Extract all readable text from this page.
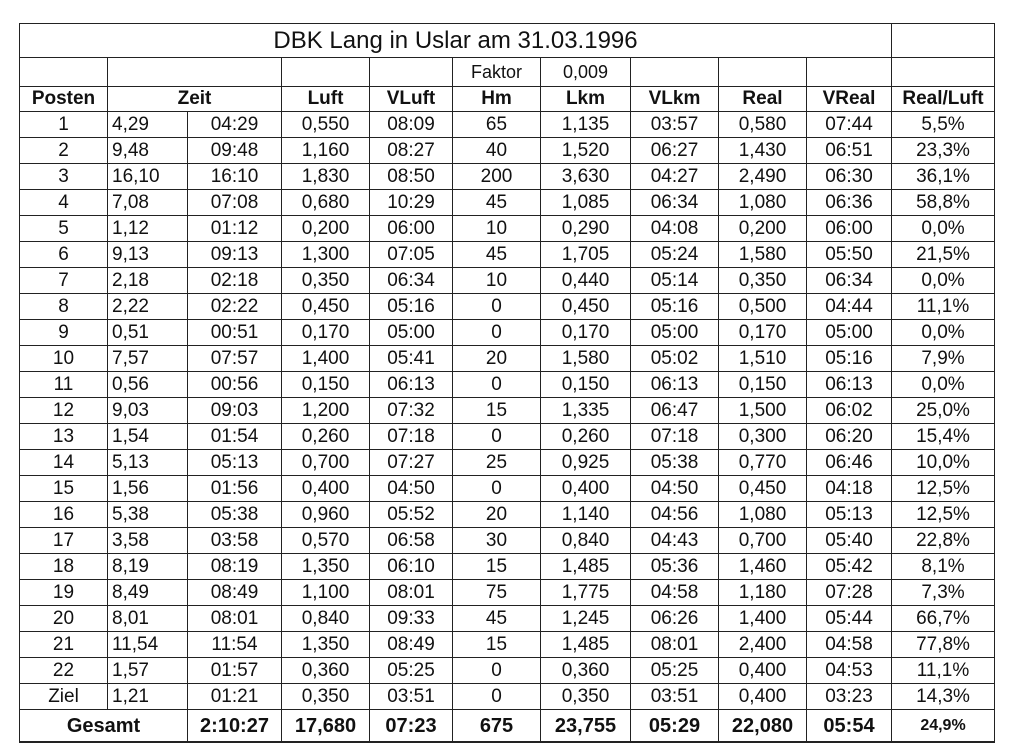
DBK Lang in Uslar am 31.03.1996										
					Faktor	0,009				
Posten	Zeit		Luft	VLuft	Hm	Lkm	VLkm	Real	VReal	Real/Luft
1	4,29	04:29	0,550	08:09	65	1,135	03:57	0,580	07:44	5,5%
2	9,48	09:48	1,160	08:27	40	1,520	06:27	1,430	06:51	23,3%
3	16,10	16:10	1,830	08:50	200	3,630	04:27	2,490	06:30	36,1%
4	7,08	07:08	0,680	10:29	45	1,085	06:34	1,080	06:36	58,8%
5	1,12	01:12	0,200	06:00	10	0,290	04:08	0,200	06:00	0,0%
6	9,13	09:13	1,300	07:05	45	1,705	05:24	1,580	05:50	21,5%
7	2,18	02:18	0,350	06:34	10	0,440	05:14	0,350	06:34	0,0%
8	2,22	02:22	0,450	05:16	0	0,450	05:16	0,500	04:44	11,1%
9	0,51	00:51	0,170	05:00	0	0,170	05:00	0,170	05:00	0,0%
10	7,57	07:57	1,400	05:41	20	1,580	05:02	1,510	05:16	7,9%
11	0,56	00:56	0,150	06:13	0	0,150	06:13	0,150	06:13	0,0%
12	9,03	09:03	1,200	07:32	15	1,335	06:47	1,500	06:02	25,0%
13	1,54	01:54	0,260	07:18	0	0,260	07:18	0,300	06:20	15,4%
14	5,13	05:13	0,700	07:27	25	0,925	05:38	0,770	06:46	10,0%
15	1,56	01:56	0,400	04:50	0	0,400	04:50	0,450	04:18	12,5%
16	5,38	05:38	0,960	05:52	20	1,140	04:56	1,080	05:13	12,5%
17	3,58	03:58	0,570	06:58	30	0,840	04:43	0,700	05:40	22,8%
18	8,19	08:19	1,350	06:10	15	1,485	05:36	1,460	05:42	8,1%
19	8,49	08:49	1,100	08:01	75	1,775	04:58	1,180	07:28	7,3%
20	8,01	08:01	0,840	09:33	45	1,245	06:26	1,400	05:44	66,7%
21	11,54	11:54	1,350	08:49	15	1,485	08:01	2,400	04:58	77,8%
22	1,57	01:57	0,360	05:25	0	0,360	05:25	0,400	04:53	11,1%
Ziel	1,21	01:21	0,350	03:51	0	0,350	03:51	0,400	03:23	14,3%
Gesamt		2:10:27	17,680	07:23	675	23,755	05:29	22,080	05:54	24,9%
